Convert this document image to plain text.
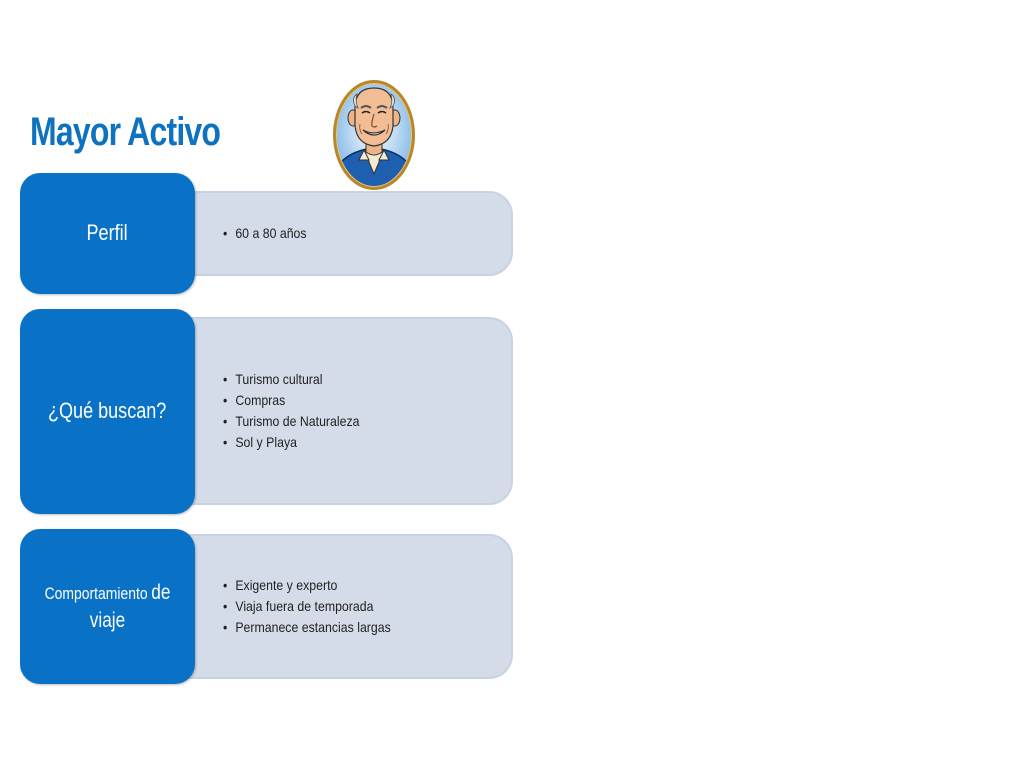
Mayor Activo
Perfil
•	60 a 80 años
¿Qué buscan?
• Turismo cultural
• Compras
• Turismo de Naturaleza
• Sol y Playa
Comportamiento de viaje
• Exigente y experto
• Viaja fuera de temporada
• Permanece estancias largas
